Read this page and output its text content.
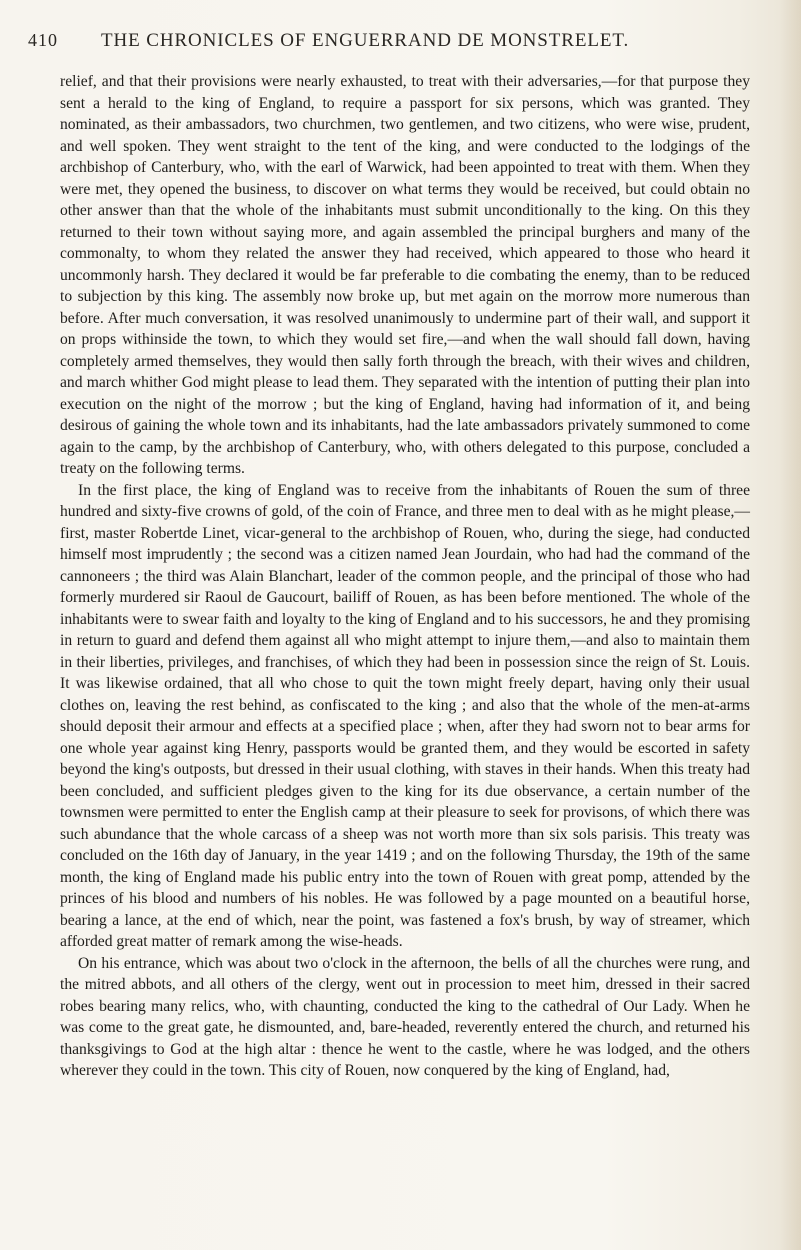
410 THE CHRONICLES OF ENGUERRAND DE MONSTRELET.

relief, and that their provisions were nearly exhausted, to treat with their adversaries,—for that purpose they sent a herald to the king of England, to require a passport for six persons, which was granted. They nominated, as their ambassadors, two churchmen, two gentlemen, and two citizens, who were wise, prudent, and well spoken. They went straight to the tent of the king, and were conducted to the lodgings of the archbishop of Canterbury, who, with the earl of Warwick, had been appointed to treat with them. When they were met, they opened the business, to discover on what terms they would be received, but could obtain no other answer than that the whole of the inhabitants must submit unconditionally to the king. On this they returned to their town without saying more, and again assembled the principal burghers and many of the commonalty, to whom they related the answer they had received, which appeared to those who heard it uncommonly harsh. They declared it would be far preferable to die combating the enemy, than to be reduced to subjection by this king. The assembly now broke up, but met again on the morrow more numerous than before. After much conversation, it was resolved unanimously to undermine part of their wall, and support it on props withinside the town, to which they would set fire,—and when the wall should fall down, having completely armed themselves, they would then sally forth through the breach, with their wives and children, and march whither God might please to lead them. They separated with the intention of putting their plan into execution on the night of the morrow ; but the king of England, having had information of it, and being desirous of gaining the whole town and its inhabitants, had the late ambassadors privately summoned to come again to the camp, by the archbishop of Canterbury, who, with others delegated to this purpose, concluded a treaty on the following terms.

In the first place, the king of England was to receive from the inhabitants of Rouen the sum of three hundred and sixty-five crowns of gold, of the coin of France, and three men to deal with as he might please,—first, master Robertde Linet, vicar-general to the archbishop of Rouen, who, during the siege, had conducted himself most imprudently ; the second was a citizen named Jean Jourdain, who had had the command of the cannoneers ; the third was Alain Blanchart, leader of the common people, and the principal of those who had formerly murdered sir Raoul de Gaucourt, bailiff of Rouen, as has been before mentioned. The whole of the inhabitants were to swear faith and loyalty to the king of England and to his successors, he and they promising in return to guard and defend them against all who might attempt to injure them,—and also to maintain them in their liberties, privileges, and franchises, of which they had been in possession since the reign of St. Louis. It was likewise ordained, that all who chose to quit the town might freely depart, having only their usual clothes on, leaving the rest behind, as confiscated to the king ; and also that the whole of the men-at-arms should deposit their armour and effects at a specified place ; when, after they had sworn not to bear arms for one whole year against king Henry, passports would be granted them, and they would be escorted in safety beyond the king's outposts, but dressed in their usual clothing, with staves in their hands. When this treaty had been concluded, and sufficient pledges given to the king for its due observance, a certain number of the townsmen were permitted to enter the English camp at their pleasure to seek for provisons, of which there was such abundance that the whole carcass of a sheep was not worth more than six sols parisis. This treaty was concluded on the 16th day of January, in the year 1419 ; and on the following Thursday, the 19th of the same month, the king of England made his public entry into the town of Rouen with great pomp, attended by the princes of his blood and numbers of his nobles. He was followed by a page mounted on a beautiful horse, bearing a lance, at the end of which, near the point, was fastened a fox's brush, by way of streamer, which afforded great matter of remark among the wise-heads.

On his entrance, which was about two o'clock in the afternoon, the bells of all the churches were rung, and the mitred abbots, and all others of the clergy, went out in procession to meet him, dressed in their sacred robes bearing many relics, who, with chaunting, conducted the king to the cathedral of Our Lady. When he was come to the great gate, he dismounted, and, bare-headed, reverently entered the church, and returned his thanksgivings to God at the high altar : thence he went to the castle, where he was lodged, and the others wherever they could in the town. This city of Rouen, now conquered by the king of England, had,
